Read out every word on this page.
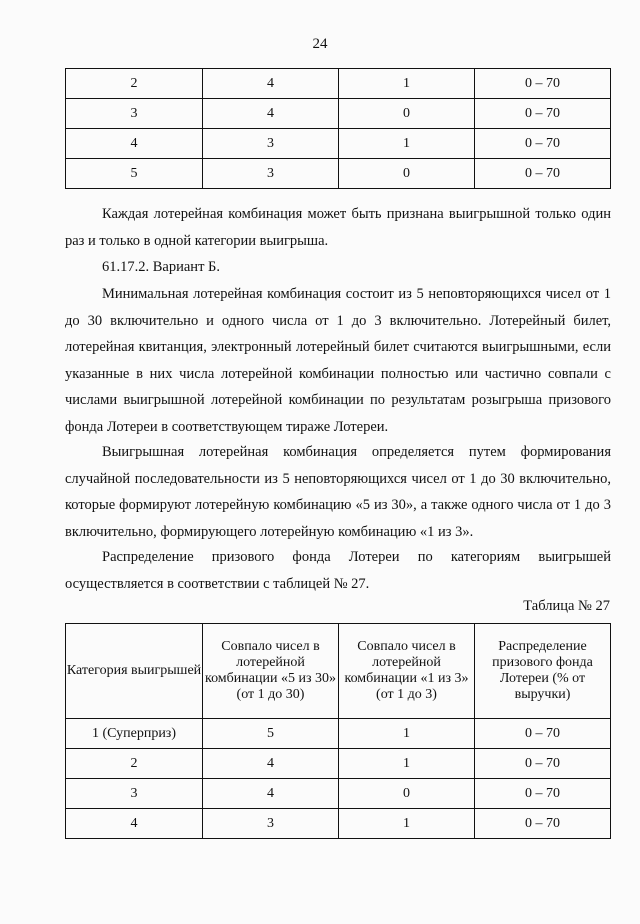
24
2	4	1	0 – 70
3	4	0	0 – 70
4	3	1	0 – 70
5	3	0	0 – 70

Каждая лотерейная комбинация может быть признана выигрышной только один раз и только в одной категории выигрыша.

61.17.2. Вариант Б.

Минимальная лотерейная комбинация состоит из 5 неповторяющихся чисел от 1 до 30 включительно и одного числа от 1 до 3 включительно. Лотерейный билет, лотерейная квитанция, электронный лотерейный билет считаются выигрышными, если указанные в них числа лотерейной комбинации полностью или частично совпали с числами выигрышной лотерейной комбинации по результатам розыгрыша призового фонда Лотереи в соответствующем тираже Лотереи.

Выигрышная лотерейная комбинация определяется путем формирования случайной последовательности из 5 неповторяющихся чисел от 1 до 30 включительно, которые формируют лотерейную комбинацию «5 из 30», а также одного числа от 1 до 3 включительно, формирующего лотерейную комбинацию «1 из 3».

Распределение призового фонда Лотереи по категориям выигрышей осуществляется в соответствии с таблицей № 27.

Таблица № 27
Категория выигрышей	Совпало чисел в лотерейной комбинации «5 из 30» (от 1 до 30)	Совпало чисел в лотерейной комбинации «1 из 3» (от 1 до 3)	Распределение призового фонда Лотереи (% от выручки)
1 (Суперприз)	5	1	0 – 70
2	4	1	0 – 70
3	4	0	0 – 70
4	3	1	0 – 70
